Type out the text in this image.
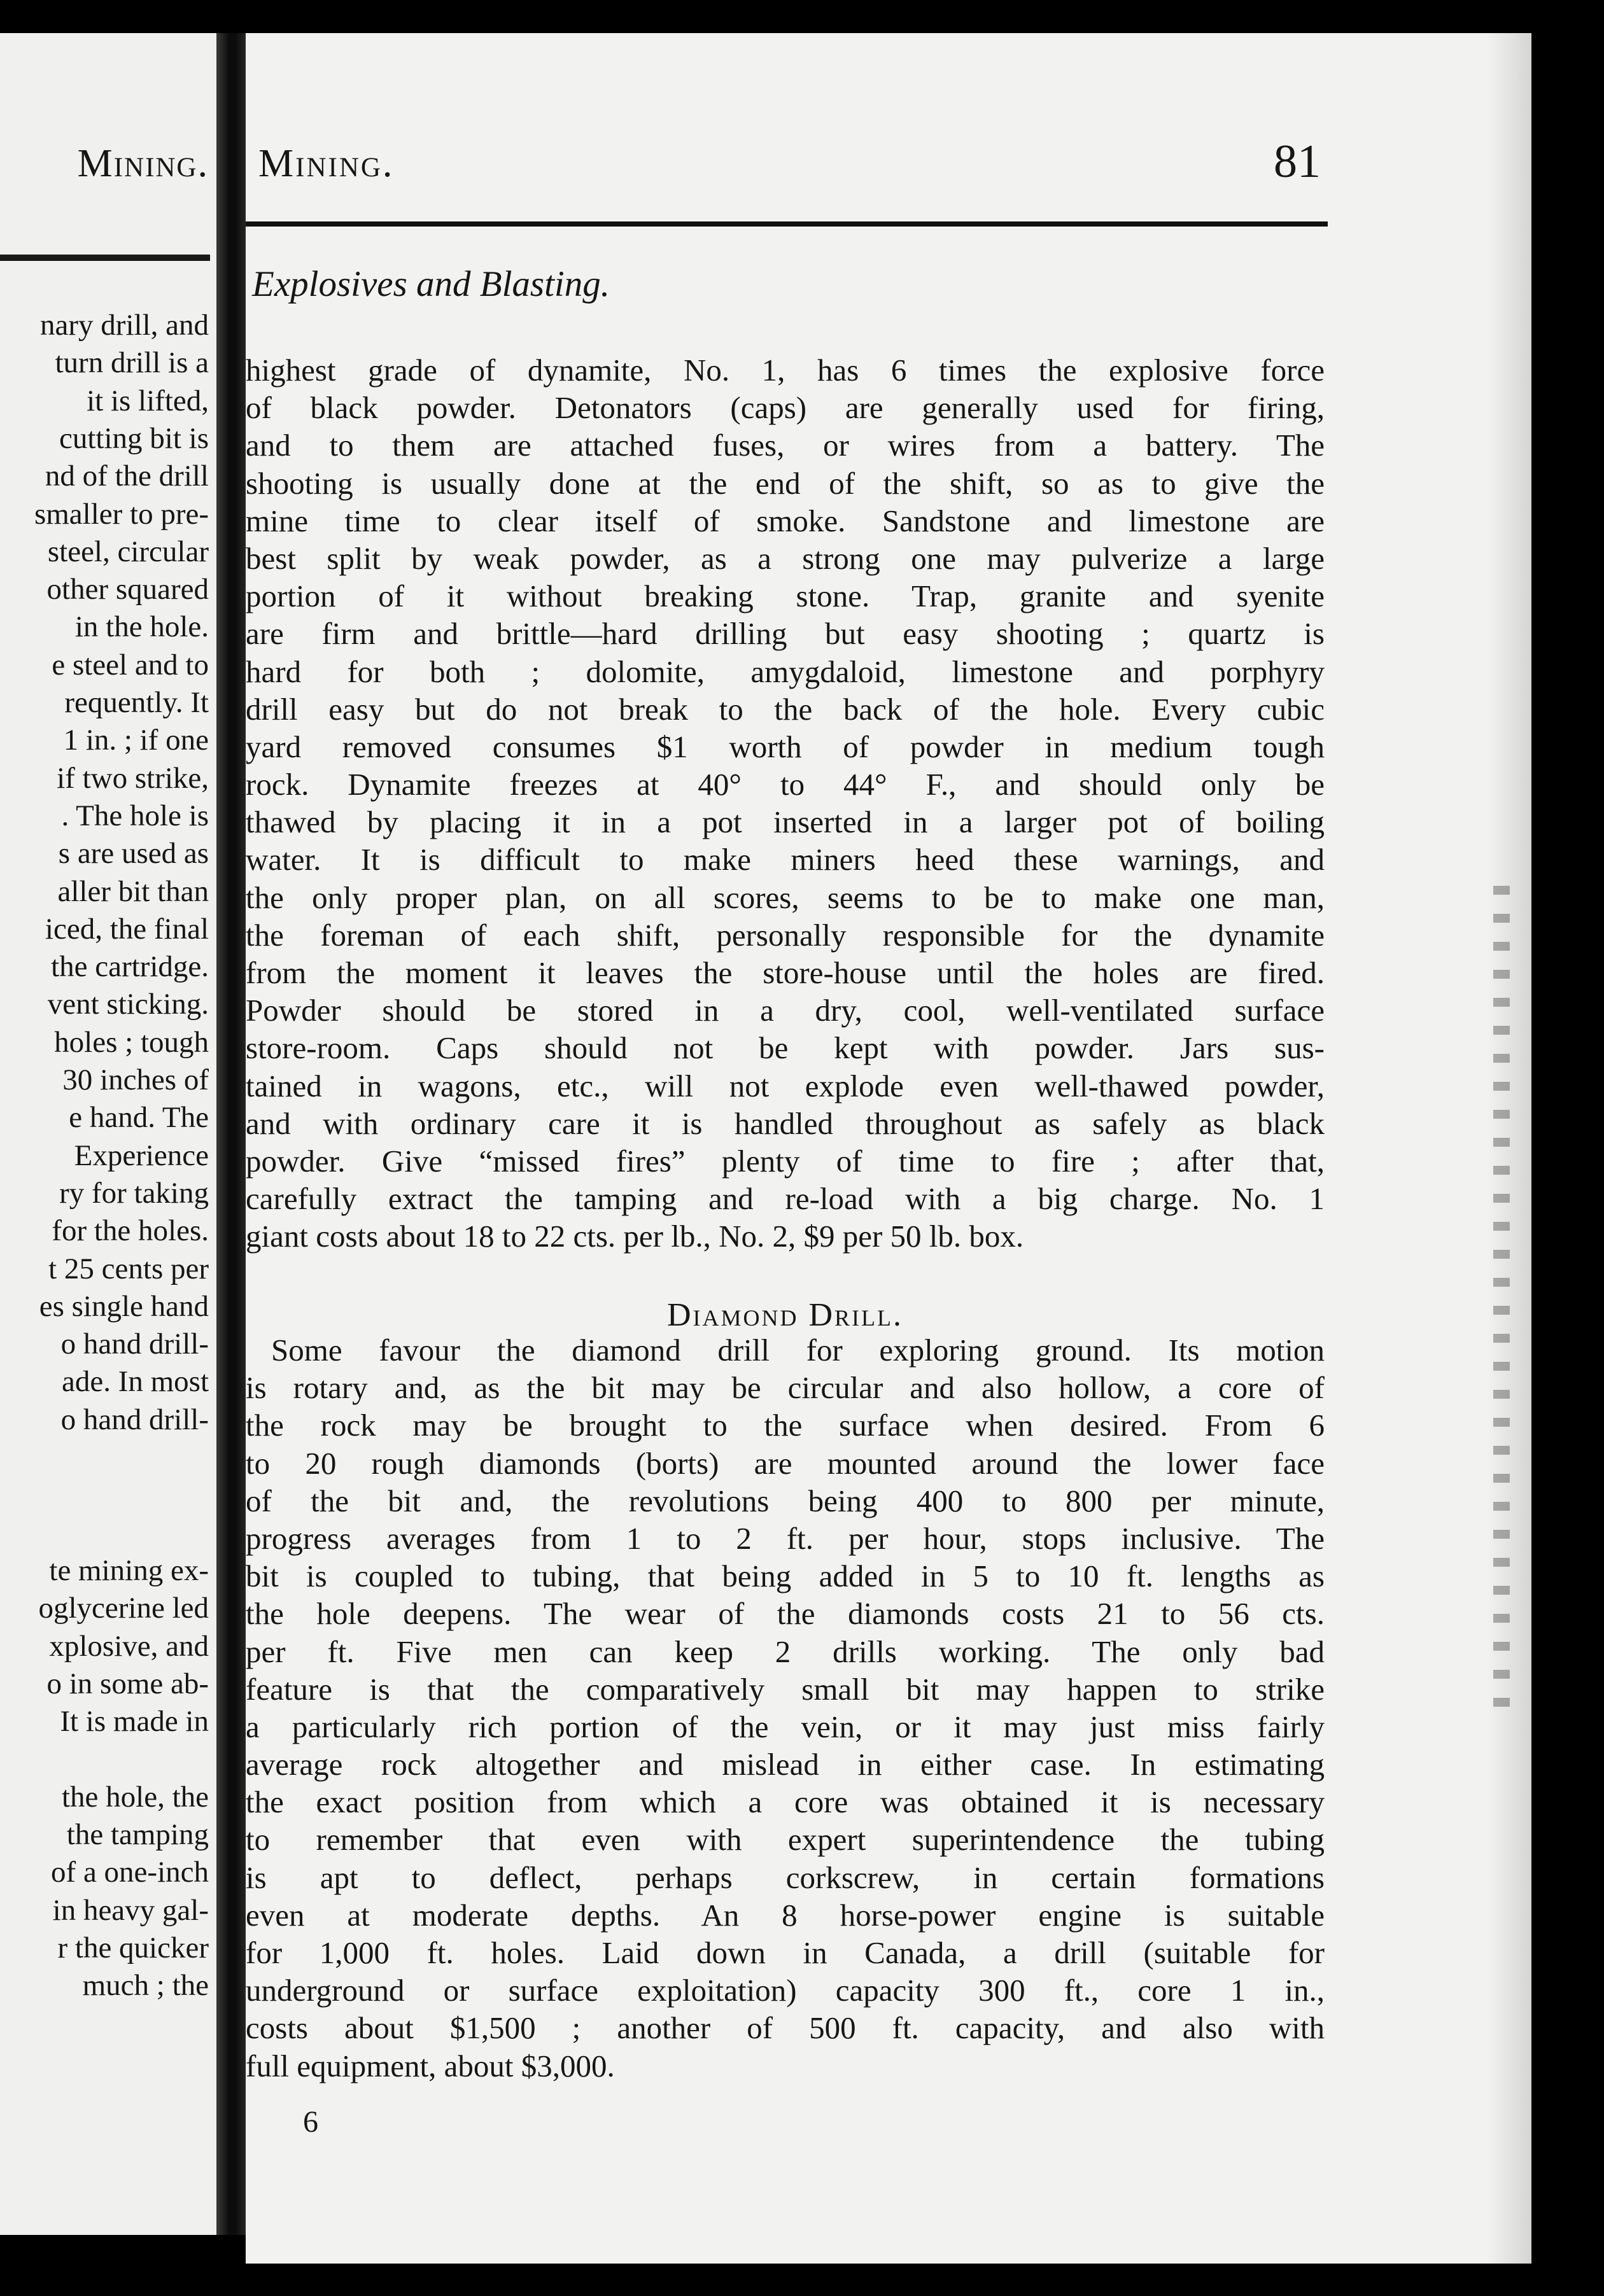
Mining.
nary drill, and
turn drill is a
it is lifted,
cutting bit is
nd of the drill
smaller to pre-
steel, circular
other squared
in the hole.
e steel and to
requently. It
1 in. ; if one
if two strike,
. The hole is
s are used as
aller bit than
iced, the final
the cartridge.
vent sticking.
holes ; tough
30 inches of
e hand. The
Experience
ry for taking
for the holes.
t 25 cents per
es single hand
o hand drill-
ade. In most
o hand drill-
te mining ex-
oglycerine led
xplosive, and
o in some ab-
It is made in
the hole, the
the tamping
of a one-inch
in heavy gal-
r the quicker
much ; the
Mining.	81
Explosives and Blasting.
highest grade of dynamite, No. 1, has 6 times the explosive force
of black powder. Detonators (caps) are generally used for firing,
and to them are attached fuses, or wires from a battery. The
shooting is usually done at the end of the shift, so as to give the
mine time to clear itself of smoke. Sandstone and limestone are
best split by weak powder, as a strong one may pulverize a large
portion of it without breaking stone. Trap, granite and syenite
are firm and brittle—hard drilling but easy shooting ; quartz is
hard for both ; dolomite, amygdaloid, limestone and porphyry
drill easy but do not break to the back of the hole. Every cubic
yard removed consumes $1 worth of powder in medium tough
rock. Dynamite freezes at 40° to 44° F., and should only be
thawed by placing it in a pot inserted in a larger pot of boiling
water. It is difficult to make miners heed these warnings, and
the only proper plan, on all scores, seems to be to make one man,
the foreman of each shift, personally responsible for the dynamite
from the moment it leaves the store-house until the holes are fired.
Powder should be stored in a dry, cool, well-ventilated surface
store-room. Caps should not be kept with powder. Jars sus-
tained in wagons, etc., will not explode even well-thawed powder,
and with ordinary care it is handled throughout as safely as black
powder. Give “missed fires” plenty of time to fire ; after that,
carefully extract the tamping and re-load with a big charge. No. 1
giant costs about 18 to 22 cts. per lb., No. 2, $9 per 50 lb. box.
Diamond Drill.
Some favour the diamond drill for exploring ground. Its motion
is rotary and, as the bit may be circular and also hollow, a core of
the rock may be brought to the surface when desired. From 6
to 20 rough diamonds (borts) are mounted around the lower face
of the bit and, the revolutions being 400 to 800 per minute,
progress averages from 1 to 2 ft. per hour, stops inclusive. The
bit is coupled to tubing, that being added in 5 to 10 ft. lengths as
the hole deepens. The wear of the diamonds costs 21 to 56 cts.
per ft. Five men can keep 2 drills working. The only bad
feature is that the comparatively small bit may happen to strike
a particularly rich portion of the vein, or it may just miss fairly
average rock altogether and mislead in either case. In estimating
the exact position from which a core was obtained it is necessary
to remember that even with expert superintendence the tubing
is apt to deflect, perhaps corkscrew, in certain formations
even at moderate depths. An 8 horse-power engine is suitable
for 1,000 ft. holes. Laid down in Canada, a drill (suitable for
underground or surface exploitation) capacity 300 ft., core 1 in.,
costs about $1,500 ; another of 500 ft. capacity, and also with
full equipment, about $3,000.
6
